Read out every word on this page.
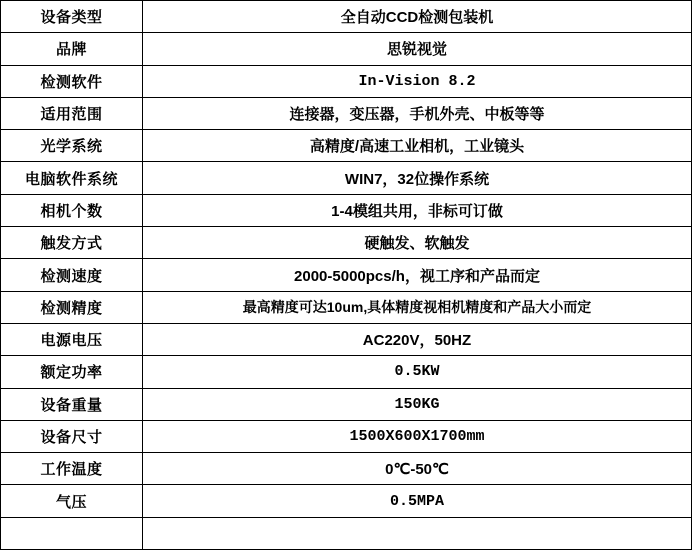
设备类型	全自动CCD检测包装机
品牌	思锐视觉
检测软件	In-Vision 8.2
适用范围	连接器，变压器，手机外壳、中板等等
光学系统	高精度/高速工业相机，工业镜头
电脑软件系统	WIN7，32位操作系统
相机个数	1-4模组共用，非标可订做
触发方式	硬触发、软触发
检测速度	2000-5000pcs/h，视工序和产品而定
检测精度	最高精度可达10um,具体精度视相机精度和产品大小而定
电源电压	AC220V，50HZ
额定功率	0.5KW
设备重量	150KG
设备尺寸	1500X600X1700mm
工作温度	0℃-50℃
气压	0.5MPA
